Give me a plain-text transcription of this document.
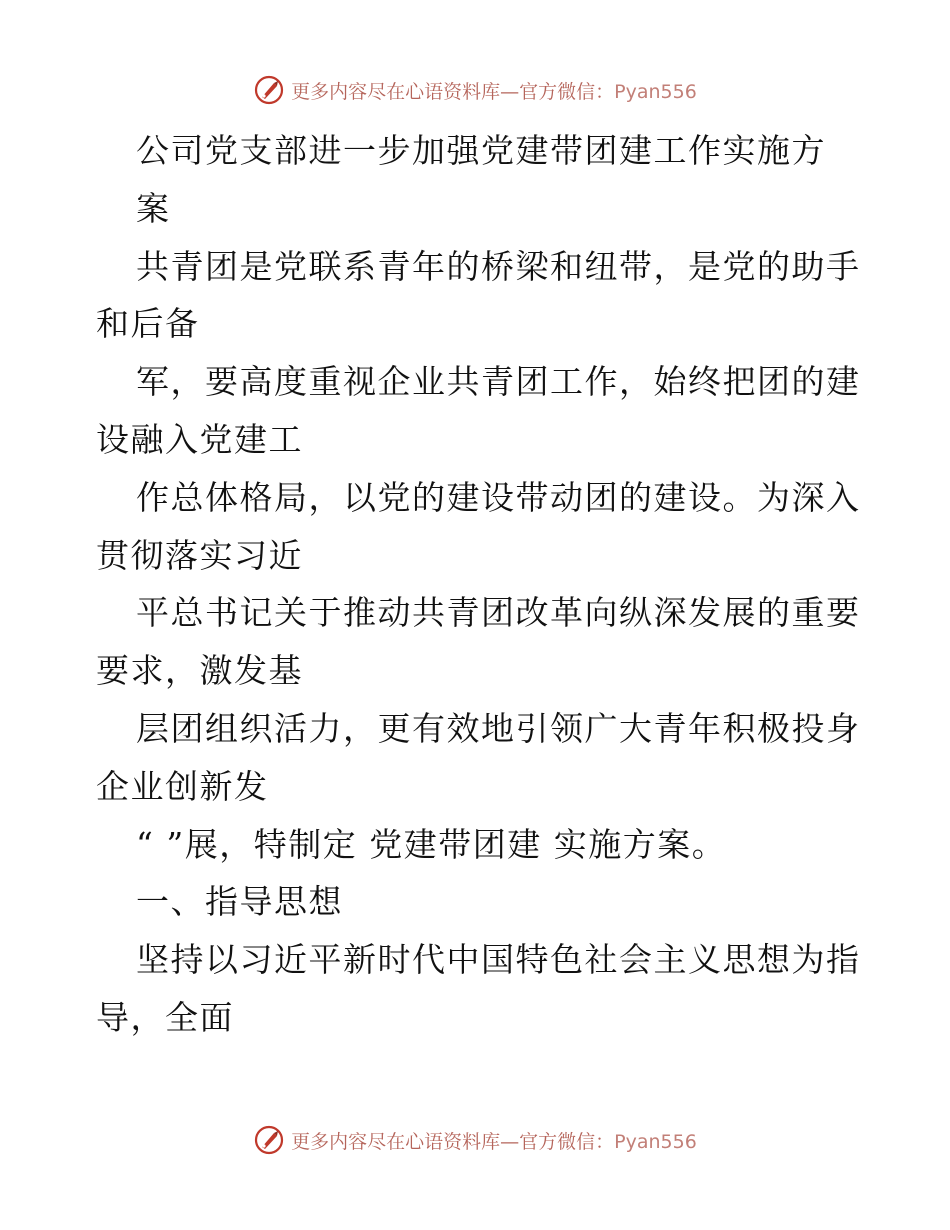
更多内容尽在心语资料库—官方微信：Pyan556
公司党支部进一步加强党建带团建工作实施方
案
共青团是党联系青年的桥梁和纽带，是党的助手
和后备
军，要高度重视企业共青团工作，始终把团的建
设融入党建工
作总体格局，以党的建设带动团的建设。为深入
贯彻落实习近
平总书记关于推动共青团改革向纵深发展的重要
要求，激发基
层团组织活力，更有效地引领广大青年积极投身
企业创新发
“ ”展，特制定 党建带团建 实施方案。
一、指导思想
坚持以习近平新时代中国特色社会主义思想为指
导，全面
更多内容尽在心语资料库—官方微信：Pyan556
